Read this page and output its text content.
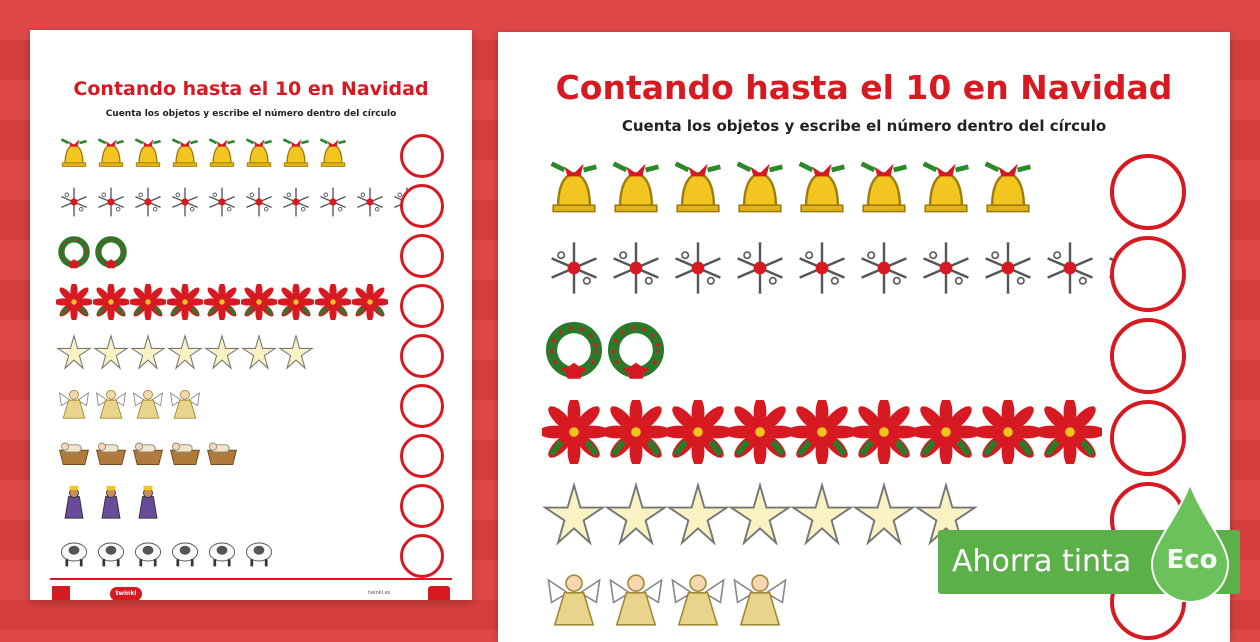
Contando hasta el 10 en Navidad
Cuenta los objetos y escribe el número dentro del círculo
twinkl	twinkl.es
Contando hasta el 10 en Navidad
Cuenta los objetos y escribe el número dentro del círculo
Ahorra tinta Eco
